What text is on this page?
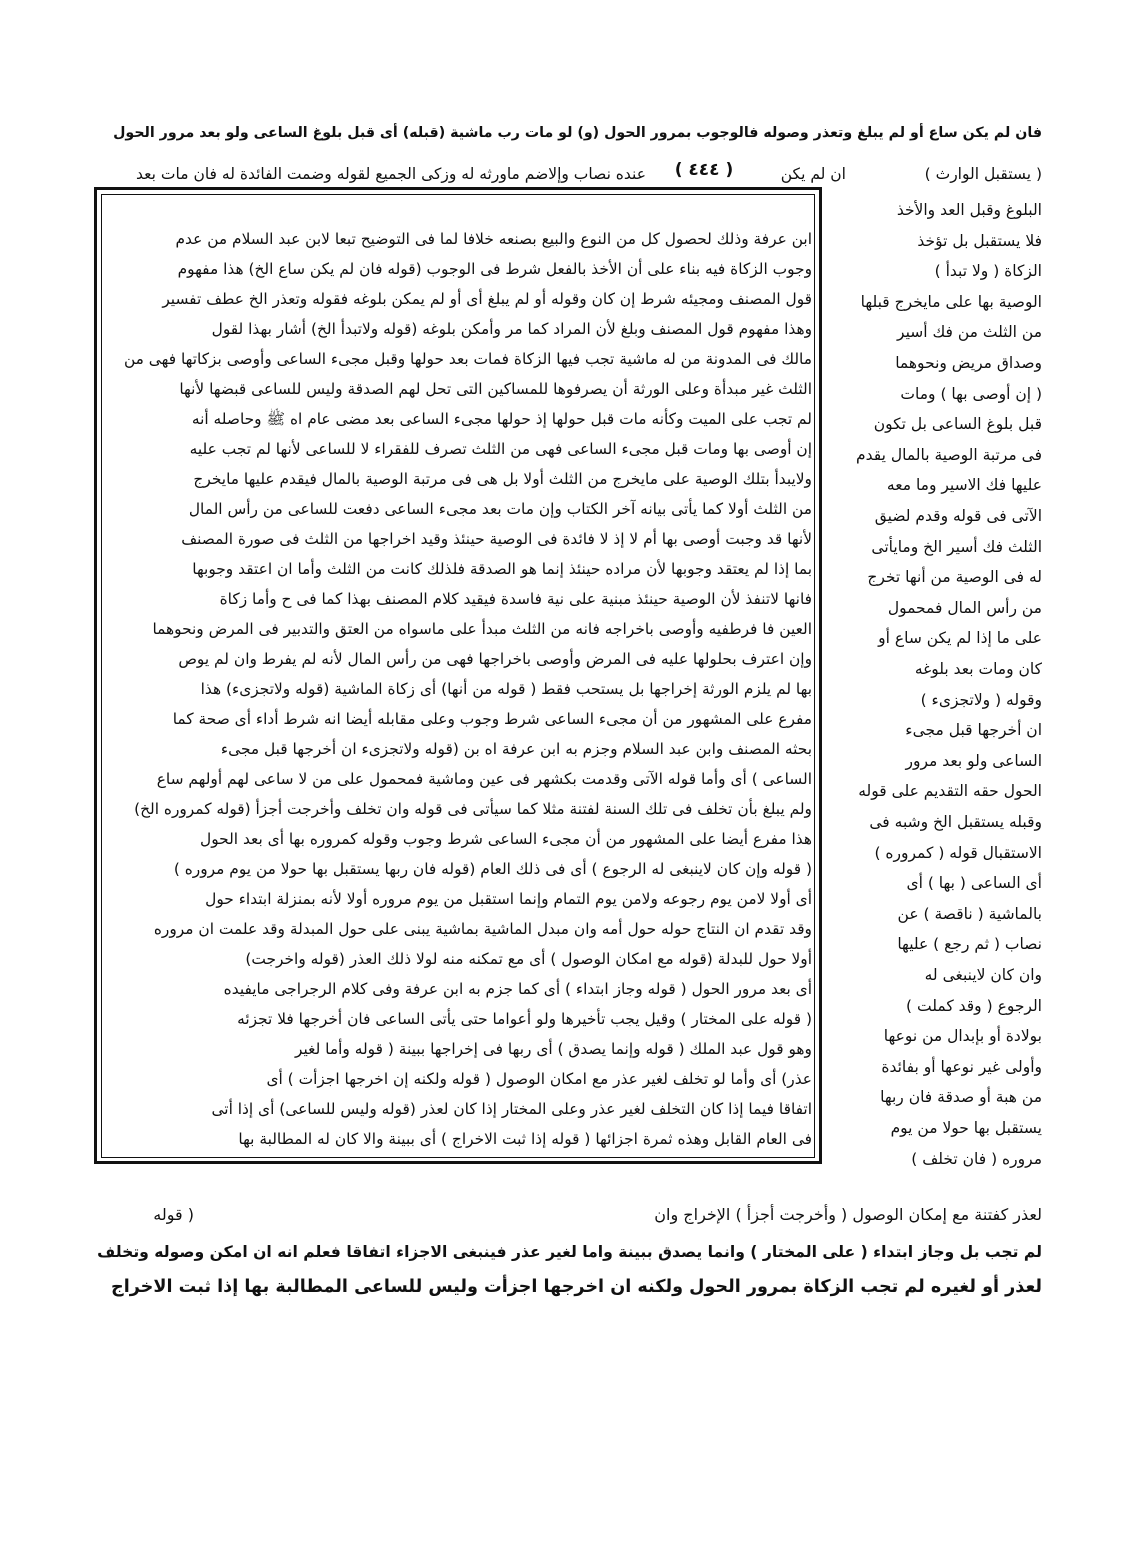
فان لم يكن ساع أو لم يبلغ وتعذر وصوله فالوجوب بمرور الحول (و) لو مات رب ماشية (قبله) أى قبل بلوغ الساعى ولو بعد مرور الحول
( يستقبل الوارث )
ان لم يكن
( ٤٤٤ )
عنده نصاب وإلاضم ماورثه له وزكى الجميع لقوله وضمت الفائدة له فان مات بعد
ابن عرفة وذلك لحصول كل من النوع والبيع بصنعه خلافا لما فى التوضيح تبعا لابن عبد السلام من عدم
وجوب الزكاة فيه بناء على أن الأخذ بالفعل شرط فى الوجوب (قوله فان لم يكن ساع الخ) هذا مفهوم
قول المصنف ومجيئه شرط إن كان وقوله أو لم يبلغ أى أو لم يمكن بلوغه فقوله وتعذر الخ عطف تفسير
وهذا مفهوم قول المصنف وبلغ لأن المراد كما مر وأمكن بلوغه (قوله ولاتبدأ الخ) أشار بهذا لقول
مالك فى المدونة من له ماشية تجب فيها الزكاة فمات بعد حولها وقبل مجىء الساعى وأوصى بزكاتها فهى من
الثلث غير مبدأة وعلى الورثة أن يصرفوها للمساكين التى تحل لهم الصدقة وليس للساعى قبضها لأنها
لم تجب على الميت وكأنه مات قبل حولها إذ حولها مجىء الساعى بعد مضى عام اه ﷺ وحاصله أنه
إن أوصى بها ومات قبل مجىء الساعى فهى من الثلث تصرف للفقراء لا للساعى لأنها لم تجب عليه
ولايبدأ بتلك الوصية على مايخرج من الثلث أولا بل هى فى مرتبة الوصية بالمال فيقدم عليها مايخرج
من الثلث أولا كما يأتى بيانه آخر الكتاب وإن مات بعد مجىء الساعى دفعت للساعى من رأس المال
لأنها قد وجبت أوصى بها أم لا إذ لا فائدة فى الوصية حينئذ وقيد اخراجها من الثلث فى صورة المصنف
بما إذا لم يعتقد وجوبها لأن مراده حينئذ إنما هو الصدقة فلذلك كانت من الثلث وأما ان اعتقد وجوبها
فانها لاتنفذ لأن الوصية حينئذ مبنية على نية فاسدة فيقيد كلام المصنف بهذا كما فى ح وأما زكاة
العين فا فرطفيه وأوصى باخراجه فانه من الثلث مبدأ على ماسواه من العتق والتدبير فى المرض ونحوهما
وإن اعترف بحلولها عليه فى المرض وأوصى باخراجها فهى من رأس المال لأنه لم يفرط وان لم يوص
بها لم يلزم الورثة إخراجها بل يستحب فقط ( قوله من أنها) أى زكاة الماشية (قوله ولاتجزىء) هذا
مفرع على المشهور من أن مجىء الساعى شرط وجوب وعلى مقابله أيضا انه شرط أداء أى صحة كما
بحثه المصنف وابن عبد السلام وجزم به ابن عرفة اه بن (قوله ولاتجزىء ان أخرجها قبل مجىء
الساعى ) أى وأما قوله الآتى وقدمت بكشهر فى عين وماشية فمحمول على من لا ساعى لهم أولهم ساع
ولم يبلغ بأن تخلف فى تلك السنة لفتنة مثلا كما سيأتى فى قوله وان تخلف وأخرجت أجزأ (قوله كمروره الخ)
هذا مفرع أيضا على المشهور من أن مجىء الساعى شرط وجوب وقوله كمروره بها أى بعد الحول
( قوله وإن كان لاينبغى له الرجوع ) أى فى ذلك العام (قوله فان ربها يستقبل بها حولا من يوم مروره )
أى أولا لامن يوم رجوعه ولامن يوم التمام وإنما استقبل من يوم مروره أولا لأنه بمنزلة ابتداء حول
وقد تقدم ان النتاج حوله حول أمه وان مبدل الماشية بماشية يبنى على حول المبدلة وقد علمت ان مروره
أولا حول للبدلة (قوله مع امكان الوصول ) أى مع تمكنه منه لولا ذلك العذر (قوله واخرجت)
أى بعد مرور الحول ( قوله وجاز ابتداء ) أى كما جزم به ابن عرفة وفى كلام الرجراجى مايفيده
( قوله على المختار ) وقيل يجب تأخيرها ولو أعواما حتى يأتى الساعى فان أخرجها فلا تجزئه
وهو قول عبد الملك ( قوله وإنما يصدق ) أى ربها فى إخراجها ببينة ( قوله وأما لغير
عذر) أى وأما لو تخلف لغير عذر مع امكان الوصول ( قوله ولكنه إن اخرجها اجزأت ) أى
اتفاقا فيما إذا كان التخلف لغير عذر وعلى المختار إذا كان لعذر (قوله وليس للساعى) أى إذا أتى
فى العام القابل وهذه ثمرة اجزائها ( قوله إذا ثبت الاخراج ) أى ببينة والا كان له المطالبة بها
البلوغ وقبل العد والأخذ
فلا يستقبل بل تؤخذ
الزكاة ( ولا تبدأ )
الوصية بها على مايخرج قبلها
من الثلث من فك أسير
وصداق مريض ونحوهما
( إن أوصى بها ) ومات
قبل بلوغ الساعى بل تكون
فى مرتبة الوصية بالمال يقدم
عليها فك الاسير وما معه
الآتى فى قوله وقدم لضيق
الثلث فك أسير الخ ومايأتى
له فى الوصية من أنها تخرج
من رأس المال فمحمول
على ما إذا لم يكن ساع أو
كان ومات بعد بلوغه
وقوله ( ولاتجزىء )
ان أخرجها قبل مجىء
الساعى ولو بعد مرور
الحول حقه التقديم على قوله
وقبله يستقبل الخ وشبه فى
الاستقبال قوله ( كمروره )
أى الساعى ( بها ) أى
بالماشية ( ناقصة ) عن
نصاب ( ثم رجع ) عليها
وان كان لاينبغى له
الرجوع ( وقد كملت )
بولادة أو بإبدال من نوعها
وأولى غير نوعها أو بفائدة
من هبة أو صدقة فان ربها
يستقبل بها حولا من يوم
مروره ( فان تخلف )
لعذر كفتنة مع إمكان الوصول ( وأخرجت أجزأ ) الإخراج وان
( قوله
لم تجب بل وجاز ابتداء ( على المختار ) وانما يصدق ببينة واما لغير عذر فينبغى الاجزاء اتفاقا فعلم انه ان امكن وصوله وتخلف
لعذر أو لغيره لم تجب الزكاة بمرور الحول ولكنه ان اخرجها اجزأت وليس للساعى المطالبة بها إذا ثبت الاخراج
